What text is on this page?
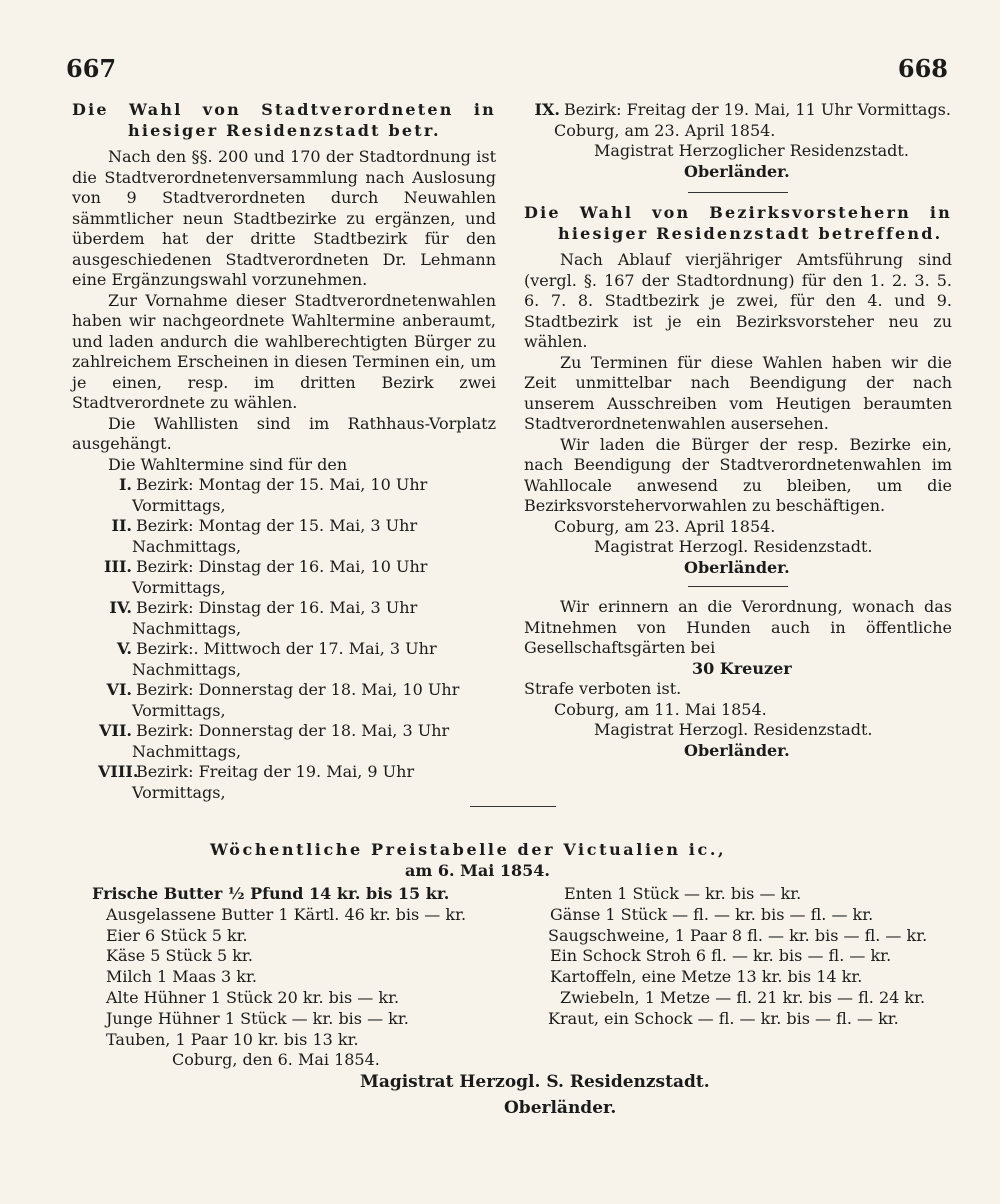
667	668
Die Wahl von Stadtverordneten in
hiesiger Residenzstadt betr.

Nach den §§. 200 und 170 der Stadtordnung ist die Stadtverordnetenversammlung nach Auslosung von 9 Stadtverordneten durch Neuwahlen sämmtlicher neun Stadtbezirke zu ergänzen, und überdem hat der dritte Stadtbezirk für den ausgeschiedenen Stadtverordneten Dr. Lehmann eine Ergänzungswahl vorzunehmen.

Zur Vornahme dieser Stadtverordnetenwahlen haben wir nachgeordnete Wahltermine anberaumt, und laden andurch die wahlberechtigten Bürger zu zahlreichem Erscheinen in diesen Terminen ein, um je einen, resp. im dritten Bezirk zwei Stadtverordnete zu wählen.

Die Wahllisten sind im Rathhaus-Vorplatz ausgehängt.

Die Wahltermine sind für den

I. Bezirk: Montag der 15. Mai, 10 Uhr Vormittags,
II. Bezirk: Montag der 15. Mai, 3 Uhr Nachmittags,
III. Bezirk: Dinstag der 16. Mai, 10 Uhr Vormittags,
IV. Bezirk: Dinstag der 16. Mai, 3 Uhr Nachmittags,
V. Bezirk:. Mittwoch der 17. Mai, 3 Uhr Nachmittags,
VI. Bezirk: Donnerstag der 18. Mai, 10 Uhr Vormittags,
VII. Bezirk: Donnerstag der 18. Mai, 3 Uhr Nachmittags,
VIII.Bezirk: Freitag der 19. Mai, 9 Uhr Vormittags,
IX. Bezirk: Freitag der 19. Mai, 11 Uhr Vormittags.
Coburg, am 23. April 1854.
Magistrat Herzoglicher Residenzstadt.
Oberländer.
Die Wahl von Bezirksvorstehern in
hiesiger Residenzstadt betreffend.

Nach Ablauf vierjähriger Amtsführung sind (vergl. §. 167 der Stadtordnung) für den 1. 2. 3. 5. 6. 7. 8. Stadtbezirk je zwei, für den 4. und 9. Stadtbezirk ist je ein Bezirksvorsteher neu zu wählen.

Zu Terminen für diese Wahlen haben wir die Zeit unmittelbar nach Beendigung der nach unserem Ausschreiben vom Heutigen beraumten Stadtverordnetenwahlen ausersehen.

Wir laden die Bürger der resp. Bezirke ein, nach Beendigung der Stadtverordnetenwahlen im Wahllocale anwesend zu bleiben, um die Bezirksvorstehervorwahlen zu beschäftigen.

Coburg, am 23. April 1854.
Magistrat Herzogl. Residenzstadt.
Oberländer.

Wir erinnern an die Verordnung, wonach das Mitnehmen von Hunden auch in öffentliche Gesellschaftsgärten bei

30 Kreuzer

Strafe verboten ist.

Coburg, am 11. Mai 1854.
Magistrat Herzogl. Residenzstadt.
Oberländer.
Wöchentliche Preistabelle der Victualien ic.,
am 6. Mai 1854.
Frische Butter ½ Pfund 14 kr. bis 15 kr.
Ausgelassene Butter 1 Kärtl. 46 kr. bis — kr.
Eier 6 Stück 5 kr.
Käse 5 Stück 5 kr.
Milch 1 Maas 3 kr.
Alte Hühner 1 Stück 20 kr. bis — kr.
Junge Hühner 1 Stück — kr. bis — kr.
Tauben, 1 Paar 10 kr. bis 13 kr.
Enten 1 Stück — kr. bis — kr.
Gänse 1 Stück — fl. — kr. bis — fl. — kr.
Saugschweine, 1 Paar 8 fl. — kr. bis — fl. — kr.
Ein Schock Stroh 6 fl. — kr. bis — fl. — kr.
Kartoffeln, eine Metze 13 kr. bis 14 kr.
Zwiebeln, 1 Metze — fl. 21 kr. bis — fl. 24 kr.
Kraut, ein Schock — fl. — kr. bis — fl. — kr.
Coburg, den 6. Mai 1854.
Magistrat Herzogl. S. Residenzstadt.
Oberländer.
